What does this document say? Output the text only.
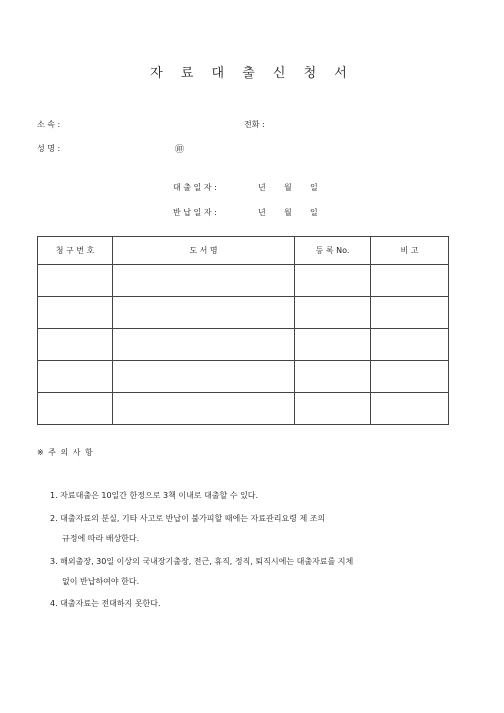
자 료 대 출 신 청 서
소 속 :	전화 :
성 명 :	㊞
대 출 일 자 :	년 월 일
반 납 일 자 :	년 월 일
청 구 번 호	도 서 명	등 록 No.	비 고

※ 주 의 사 항
1. 자료대출은 10일간 한정으로 3책 이내로 대출할 수 있다.
2. 대출자료의 분실, 기타 사고로 반납이 불가피할 때에는 자료관리요령 제 조의
규정에 따라 배상한다.
3. 해외출장, 30일 이상의 국내장기출장, 전근, 휴직, 정직, 퇴직시에는 대출자료를 지체
없이 반납하여야 한다.
4. 대출자료는 전대하지 못한다.
